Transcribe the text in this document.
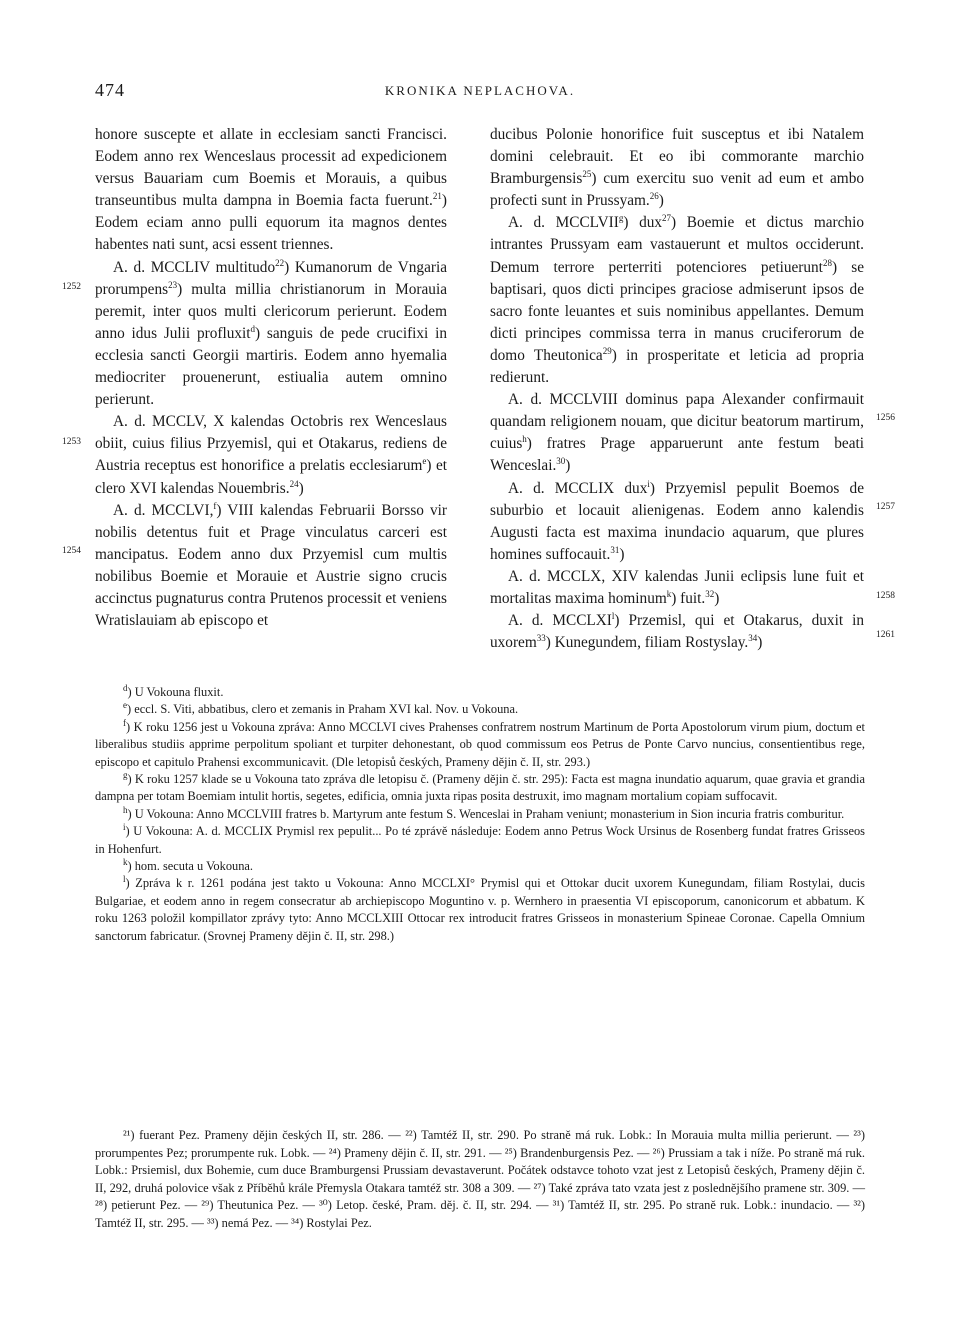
474	KRONIKA NEPLACHOVA.
1252
1253
1254
1256
1257
1258
1261

honore suscepte et allate in ecclesiam sancti Francisci. Eodem anno rex Wenceslaus processit ad expedicionem versus Bauariam cum Boemis et Morauis, a quibus transeuntibus multa dampna in Boemia facta fuerunt.$^{21}$) Eodem eciam anno pulli equorum ita magnos dentes habentes nati sunt, acsi essent triennes.

A. d. MCCLIV multitudo$^{22}$) Kumanorum de Vngaria prorumpens$^{23}$) multa millia christianorum in Morauia peremit, inter quos multi clericorum perierunt. Eodem anno idus Julii profluxit$^d$) sanguis de pede crucifixi in ecclesia sancti Georgii martiris. Eodem anno hyemalia mediocriter prouenerunt, estiualia autem omnino perierunt.

A. d. MCCLV, X kalendas Octobris rex Wenceslaus obiit, cuius filius Przyemisl, qui et Otakarus, rediens de Austria receptus est honorifice a prelatis ecclesiarum$^e$) et clero XVI kalendas Nouembris.$^{24}$)

A. d. MCCLVI,$^f$) VIII kalendas Februarii Borsso vir nobilis detentus fuit et Prage vinculatus carceri est mancipatus. Eodem anno dux Przyemisl cum multis nobilibus Boemie et Morauie et Austrie signo crucis accinctus pugnaturus contra Prutenos processit et veniens Wratislauiam ab episcopo et

ducibus Polonie honorifice fuit susceptus et ibi Natalem domini celebrauit. Et eo ibi commorante marchio Bramburgensis$^{25}$) cum exercitu suo venit ad eum et ambo profecti sunt in Prussyam.$^{26}$)

A. d. MCCLVII$^g$) dux$^{27}$) Boemie et dictus marchio intrantes Prussyam eam vastauerunt et multos occiderunt. Demum terrore perterriti potenciores petiuerunt$^{28}$) se baptisari, quos dicti principes graciose admiserunt ipsos de sacro fonte leuantes et suis nominibus appellantes. Demum dicti principes commissa terra in manus cruciferorum de domo Theutonica$^{29}$) in prosperitate et leticia ad propria redierunt.

A. d. MCCLVIII dominus papa Alexander confirmauit quandam religionem nouam, que dicitur beatorum martirum, cuius$^h$) fratres Prage apparuerunt ante festum beati Wenceslai.$^{30}$)

A. d. MCCLIX dux$^i$) Przyemisl pepulit Boemos de suburbio et locauit alienigenas. Eodem anno kalendis Augusti facta est maxima inundacio aquarum, que plures homines suffocauit.$^{31}$)

A. d. MCCLX, XIV kalendas Junii eclipsis lune fuit et mortalitas maxima hominum$^k$) fuit.$^{32}$)

A. d. MCCLXI$^l$) Przemisl, qui et Otakarus, duxit in uxorem$^{33}$) Kunegundem, filiam Rostyslay.$^{34}$)

$^d$) U Vokouna fluxit.

$^e$) eccl. S. Viti, abbatibus, clero et zemanis in Praham XVI kal. Nov. u Vokouna.

$^f$) K roku 1256 jest u Vokouna zpráva: Anno MCCLVI cives Prahenses confratrem nostrum Martinum de Porta Apostolorum virum pium, doctum et liberalibus studiis apprime perpolitum spoliant et turpiter dehonestant, ob quod commissum eos Petrus de Ponte Carvo nuncius, consentientibus rege, episcopo et capitulo Prahensi excommunicavit. (Dle letopisů českých, Prameny dějin č. II, str. 293.)

$^g$) K roku 1257 klade se u Vokouna tato zpráva dle letopisu č. (Prameny dějin č. str. 295): Facta est magna inundatio aquarum, quae gravia et grandia dampna per totam Boemiam intulit hortis, segetes, edificia, omnia juxta ripas posita destruxit, imo magnam mortalium copiam suffocavit.

$^h$) U Vokouna: Anno MCCLVIII fratres b. Martyrum ante festum S. Wenceslai in Praham veniunt; monasterium in Sion incuria fratris comburitur.

$^i$) U Vokouna: A. d. MCCLIX Prymisl rex pepulit... Po té zprávě následuje: Eodem anno Petrus Wock Ursinus de Rosenberg fundat fratres Grisseos in Hohenfurt.

$^k$) hom. secuta u Vokouna.

$^l$) Zpráva k r. 1261 podána jest takto u Vokouna: Anno MCCLXI° Prymisl qui et Ottokar ducit uxorem Kunegundam, filiam Rostylai, ducis Bulgariae, et eodem anno in regem consecratur ab archiepiscopo Moguntino v. p. Wernhero in praesentia VI episcoporum, canonicorum et abbatum. K roku 1263 položil kompillator zprávy tyto: Anno MCCLXIII Ottocar rex introducit fratres Grisseos in monasterium Spineae Coronae. Capella Omnium sanctorum fabricatur. (Srovnej Prameny dějin č. II, str. 298.)

²¹) fuerant Pez. Prameny dějin českých II, str. 286. — ²²) Tamtéž II, str. 290. Po straně má ruk. Lobk.: In Morauia multa millia perierunt. — ²³) prorumpentes Pez; prorumpente ruk. Lobk. — ²⁴) Prameny dějin č. II, str. 291. — ²⁵) Brandenburgensis Pez. — ²⁶) Prussiam a tak i níže. Po straně má ruk. Lobk.: Prsiemisl, dux Bohemie, cum duce Bramburgensi Prussiam devastaverunt. Počátek odstavce tohoto vzat jest z Letopisů českých, Prameny dějin č. II, 292, druhá polovice však z Příběhů krále Přemysla Otakara tamtéž str. 308 a 309. — ²⁷) Také zpráva tato vzata jest z poslednějšího pramene str. 309. — ²⁸) petierunt Pez. — ²⁹) Theutunica Pez. — ³⁰) Letop. české, Pram. děj. č. II, str. 294. — ³¹) Tamtéž II, str. 295. Po straně ruk. Lobk.: inundacio. — ³²) Tamtéž II, str. 295. — ³³) nemá Pez. — ³⁴) Rostylai Pez.
